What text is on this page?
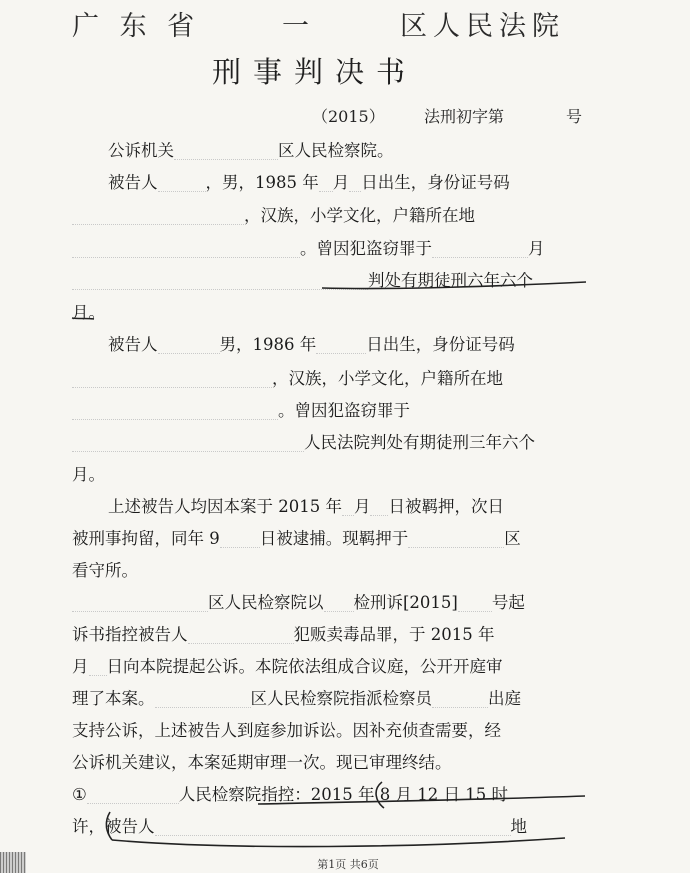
广 东 省	一	区人民法院
刑事判决书
（2015） 法刑初字第	号
公诉机关	区人民检察院。
被告人	，男，1985 年 月 日出生，身份证号码
，汉族，小学文化，户籍所在地
。曾因犯盗窃罪于	月
判处有期徒刑六年六个
月。
被告人	男，1986 年	日出生，身份证号码
，汉族，小学文化，户籍所在地
。曾因犯盗窃罪于
人民法院判处有期徒刑三年六个
月。
上述被告人均因本案于 2015 年 月 日被羁押，次日
被刑事拘留，同年 9 日被逮捕。现羁押于	区
看守所。
区人民检察院以 检刑诉[2015] 号起
诉书指控被告人	犯贩卖毒品罪，于 2015 年
月 日向本院提起公诉。本院依法组成合议庭，公开开庭审
理了本案。	区人民检察院指派检察员	出庭
支持公诉，上述被告人到庭参加诉讼。因补充侦查需要，经
公诉机关建议，本案延期审理一次。现已审理终结。
①	人民检察院指控：2015 年 8 月 12 日 15 时
许，被告人	地
第1页 共6页
